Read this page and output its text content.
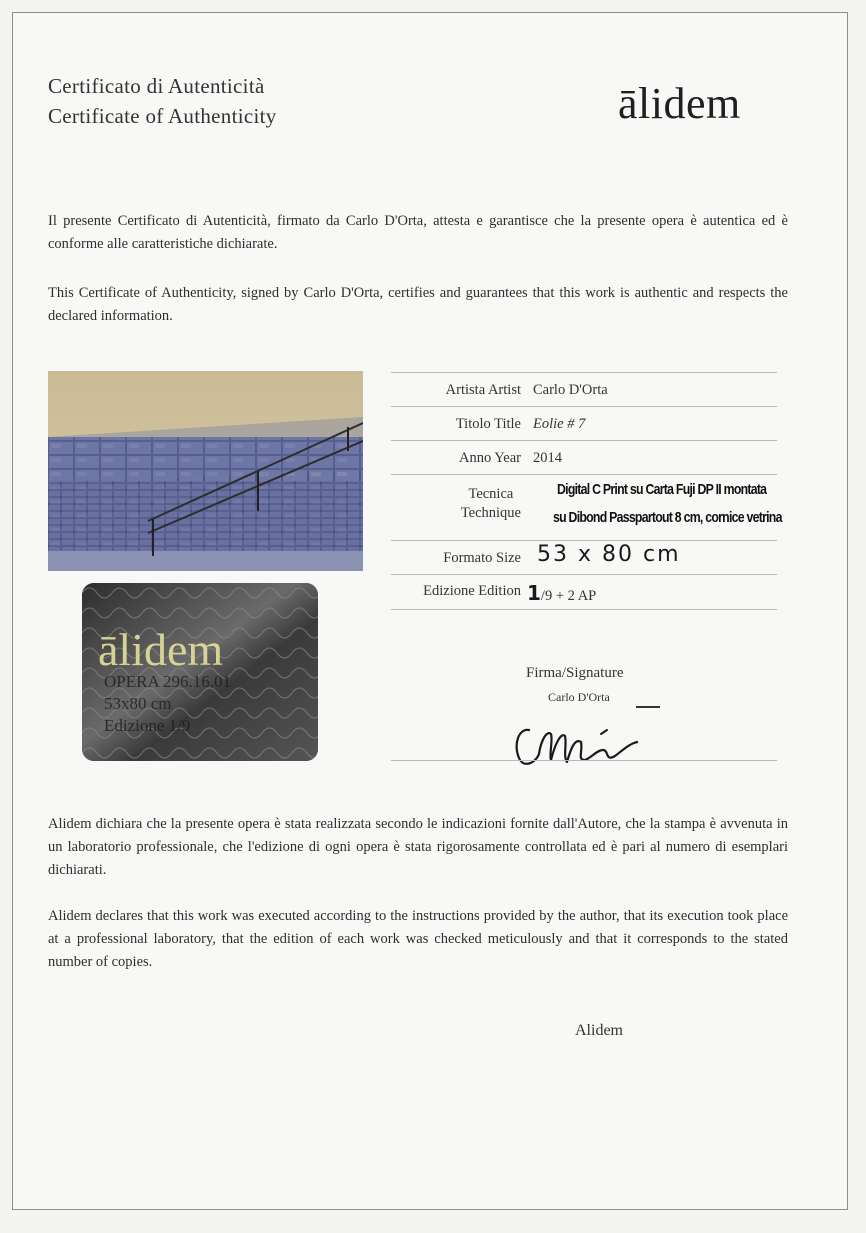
Certificato di Autenticità
Certificate of Authenticity	ālidem
Il presente Certificato di Autenticità, firmato da Carlo D'Orta, attesta e garantisce che la presente opera è autentica ed è conforme alle caratteristiche dichiarate.
This Certificate of Authenticity, signed by Carlo D'Orta, certifies and guarantees that this work is authentic and respects the declared information.
ālidem
OPERA 296.16.01
53x80 cm
Edizione 1/9
Artista Artist Carlo D'Orta
Titolo Title Eolie # 7
Anno Year 2014
Tecnica
Technique
Digital C Print su Carta Fuji DP II montata
su Dibond Passpartout 8 cm, cornice vetrina
Formato Size 53 x 80 cm
Edizione Edition 1/9 + 2 AP
Firma/Signature
Carlo D'Orta
Alidem dichiara che la presente opera è stata realizzata secondo le indicazioni fornite dall'Autore, che la stampa è avvenuta in un laboratorio professionale, che l'edizione di ogni opera è stata rigorosamente controllata ed è pari al numero di esemplari dichiarati.
Alidem declares that this work was executed according to the instructions provided by the author, that its execution took place at a professional laboratory, that the edition of each work was checked meticulously and that it corresponds to the stated number of copies.
Alidem
